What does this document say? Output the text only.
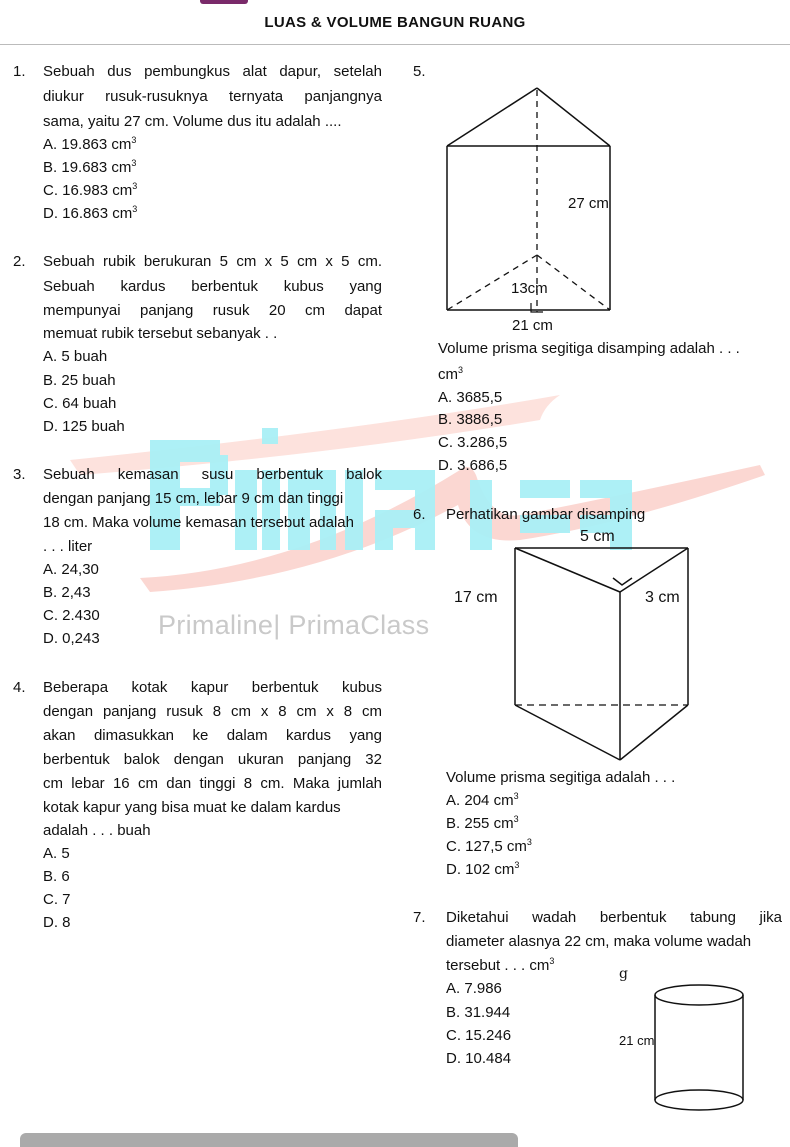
Primaline| PrimaClass
LUAS & VOLUME BANGUN RUANG
1. Sebuah dus pembungkus alat dapur, setelah
diukur rusuk-rusuknya ternyata panjangnya
sama, yaitu 27 cm. Volume dus itu adalah ....
A. 19.863 $cm^3$
B. 19.683 $cm^3$
C. 16.983 $cm^3$
D. 16.863 $cm^3$
2. Sebuah rubik berukuran 5 cm x 5 cm x 5 cm.
Sebuah kardus berbentuk kubus yang
mempunyai panjang rusuk 20 cm dapat
memuat rubik tersebut sebanyak . .
A. 5 buah
B. 25 buah
C. 64 buah
D. 125 buah
3. Sebuah kemasan susu berbentuk balok
dengan panjang 15 cm, lebar 9 cm dan tinggi
18 cm. Maka volume kemasan tersebut adalah
. . . liter
A. 24,30
B. 2,43
C. 2.430
D. 0,243
4. Beberapa kotak kapur berbentuk kubus
dengan panjang rusuk 8 cm x 8 cm x 8 cm
akan dimasukkan ke dalam kardus yang
berbentuk balok dengan ukuran panjang 32
cm lebar 16 cm dan tinggi 8 cm. Maka jumlah
kotak kapur yang bisa muat ke dalam kardus
adalah . . . buah
A. 5
B. 6
C. 7
D. 8
5.
27 cm
13cm
21 cm
Volume prisma segitiga disamping adalah . . .
$cm^3$
A. 3685,5
B. 3886,5
C. 3.286,5
D. 3.686,5
6. Perhatikan gambar disamping
5 cm
17 cm	3 cm
Volume prisma segitiga adalah . . .
A. 204 $cm^3$
B. 255 $cm^3$
C. 127,5 $cm^3$
D. 102 $cm^3$
7. Diketahui wadah berbentuk tabung jika
diameter alasnya 22 cm, maka volume wadah
tersebut . . . $cm^3$
g
21 cm
A. 7.986
B. 31.944
C. 15.246
D. 10.484
